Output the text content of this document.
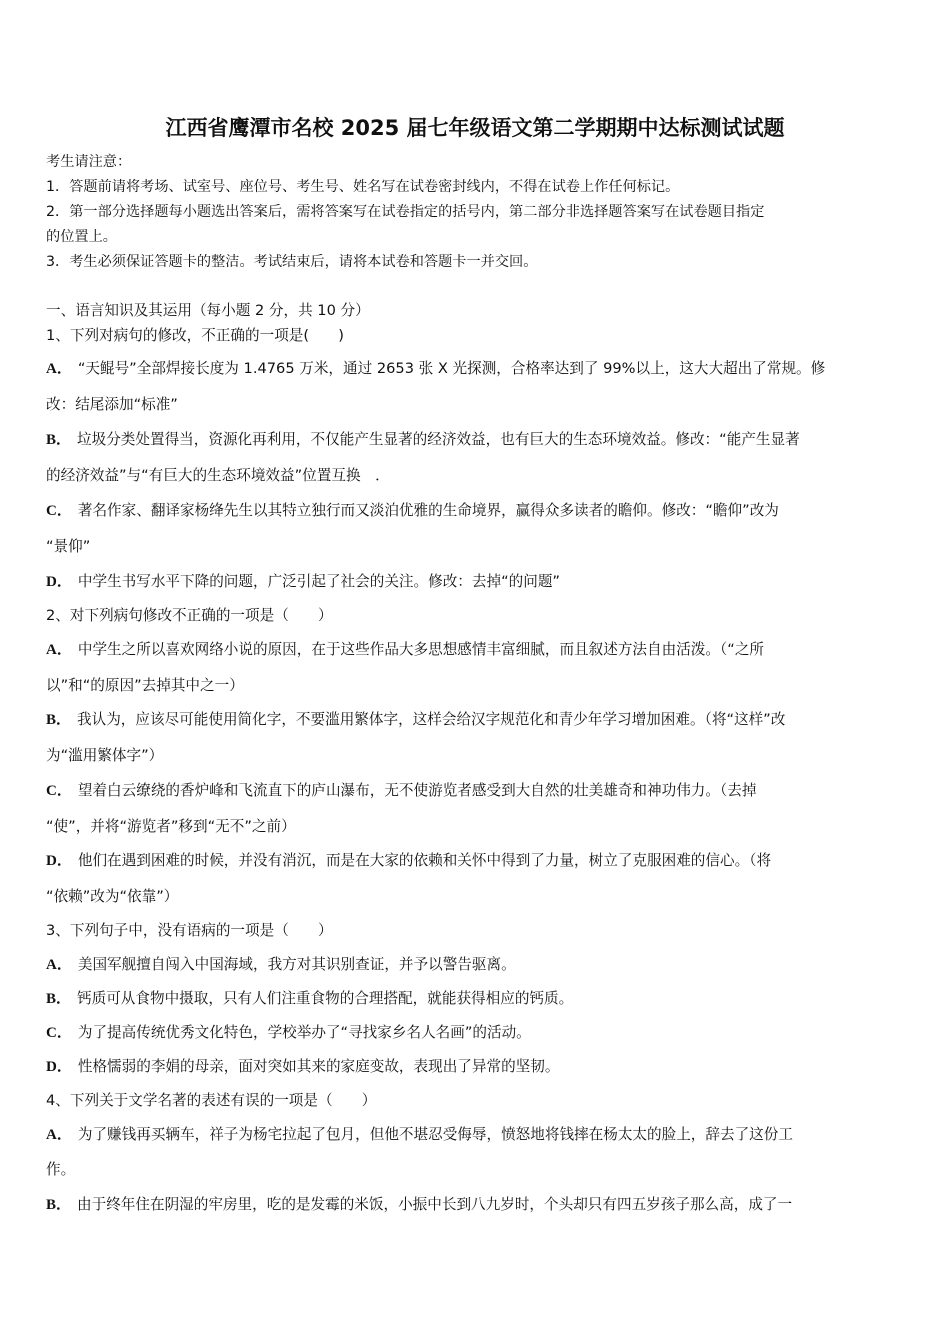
江西省鹰潭市名校 2025 届七年级语文第二学期期中达标测试试题
考生请注意：
1．答题前请将考场、试室号、座位号、考生号、姓名写在试卷密封线内，不得在试卷上作任何标记。
2．第一部分选择题每小题选出答案后，需将答案写在试卷指定的括号内，第二部分非选择题答案写在试卷题目指定
的位置上。
3．考生必须保证答题卡的整洁。考试结束后，请将本试卷和答题卡一并交回。
一、语言知识及其运用（每小题 2 分，共 10 分）
1、下列对病句的修改，不正确的一项是(　　)
A． “天鲲号”全部焊接长度为 1.4765 万米，通过 2653 张 X 光探测，合格率达到了 99%以上，这大大超出了常规。修
改：结尾添加“标准”
B． 垃圾分类处置得当，资源化再利用，不仅能产生显著的经济效益，也有巨大的生态环境效益。修改：“能产生显著
的经济效益”与“有巨大的生态环境效益”位置互换　．
C． 著名作家、翻译家杨绛先生以其特立独行而又淡泊优雅的生命境界，赢得众多读者的瞻仰。修改：“瞻仰”改为
“景仰”
D． 中学生书写水平下降的问题，广泛引起了社会的关注。修改：去掉“的问题”
2、对下列病句修改不正确的一项是（　　）
A． 中学生之所以喜欢网络小说的原因，在于这些作品大多思想感情丰富细腻，而且叙述方法自由活泼。（“之所
以”和“的原因”去掉其中之一）
B． 我认为，应该尽可能使用简化字，不要滥用繁体字，这样会给汉字规范化和青少年学习增加困难。（将“这样”改
为“滥用繁体字”）
C． 望着白云缭绕的香炉峰和飞流直下的庐山瀑布，无不使游览者感受到大自然的壮美雄奇和神功伟力。（去掉
“使”，并将“游览者”移到“无不”之前）
D． 他们在遇到困难的时候，并没有消沉，而是在大家的依赖和关怀中得到了力量，树立了克服困难的信心。（将
“依赖”改为“依靠”）
3、下列句子中，没有语病的一项是（　　）
A． 美国军舰擅自闯入中国海域，我方对其识别查证，并予以警告驱离。
B． 钙质可从食物中摄取，只有人们注重食物的合理搭配，就能获得相应的钙质。
C． 为了提高传统优秀文化特色，学校举办了“寻找家乡名人名画”的活动。
D． 性格懦弱的李娟的母亲，面对突如其来的家庭变故，表现出了异常的坚韧。
4、下列关于文学名著的表述有误的一项是（　　）
A． 为了赚钱再买辆车，祥子为杨宅拉起了包月，但他不堪忍受侮辱，愤怒地将钱摔在杨太太的脸上，辞去了这份工
作。
B． 由于终年住在阴湿的牢房里，吃的是发霉的米饭，小振中长到八九岁时，个头却只有四五岁孩子那么高，成了一
